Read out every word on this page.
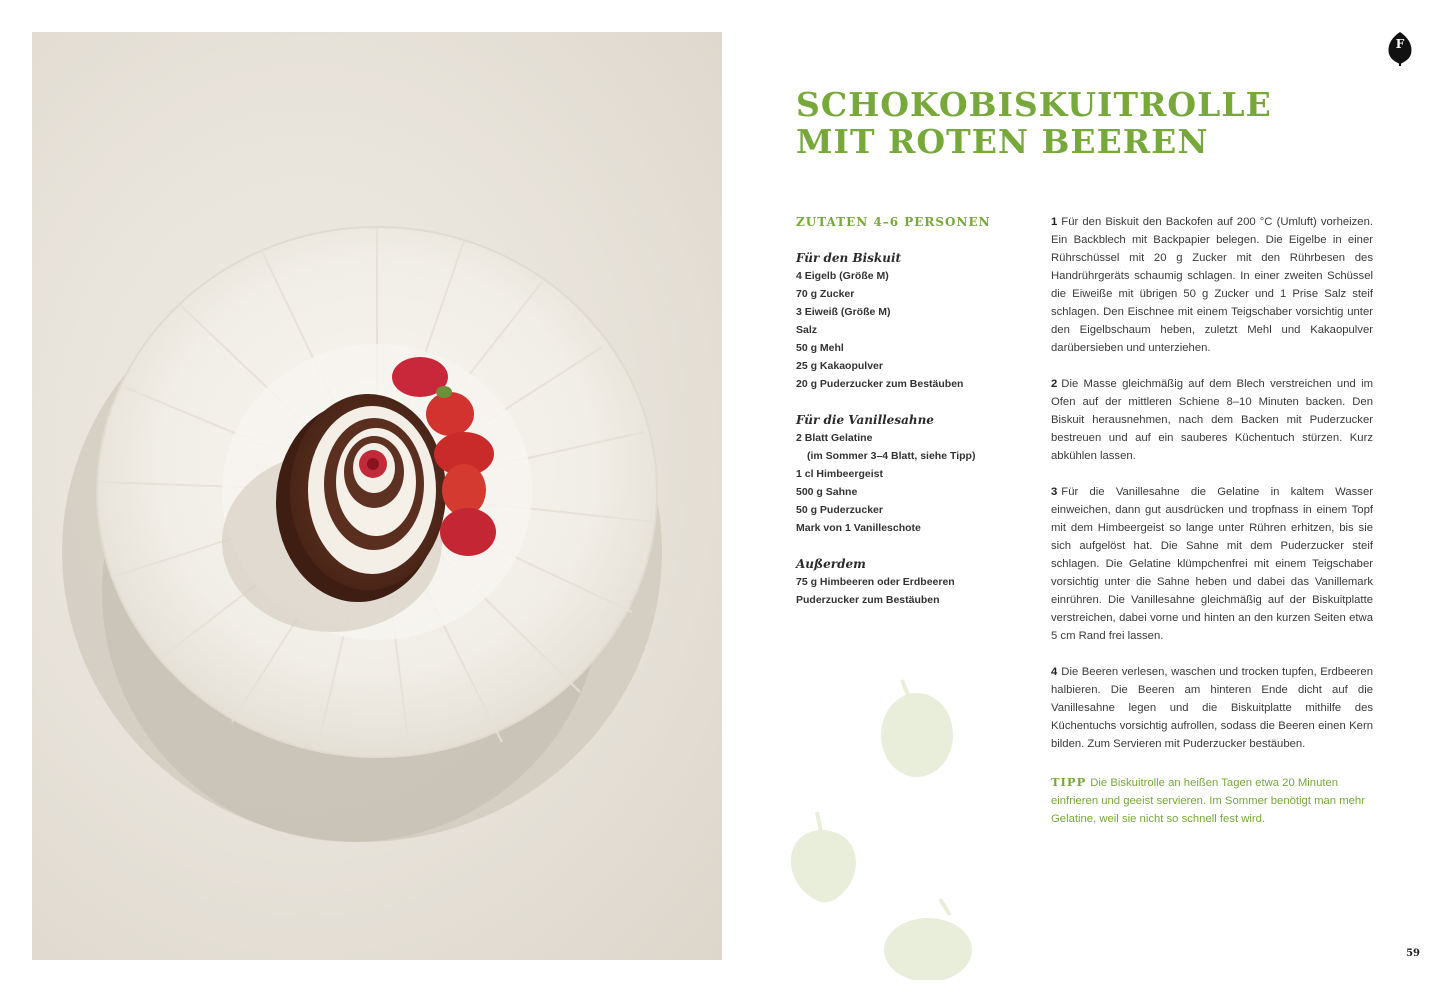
F
SCHOKOBISKUITROLLE
MIT ROTEN BEEREN
ZUTATEN 4–6 PERSONEN
Für den Biskuit
4 Eigelb (Größe M)
70 g Zucker
3 Eiweiß (Größe M)
Salz
50 g Mehl
25 g Kakaopulver
20 g Puderzucker zum Bestäuben
Für die Vanillesahne
2 Blatt Gelatine
(im Sommer 3–4 Blatt, siehe Tipp)
1 cl Himbeergeist
500 g Sahne
50 g Puderzucker
Mark von 1 Vanilleschote
Außerdem
75 g Himbeeren oder Erdbeeren
Puderzucker zum Bestäuben

1 Für den Biskuit den Backofen auf 200 °C (Umluft) vorheizen. Ein Backblech mit Backpapier belegen. Die Eigelbe in einer Rührschüssel mit 20 g Zucker mit den Rührbesen des Handrührgeräts schaumig schlagen. In einer zweiten Schüssel die Eiweiße mit übrigen 50 g Zucker und 1 Prise Salz steif schlagen. Den Eischnee mit einem Teigschaber vorsichtig unter den Eigelbschaum heben, zuletzt Mehl und Kakaopulver darübersieben und unterziehen.

2 Die Masse gleichmäßig auf dem Blech verstreichen und im Ofen auf der mittleren Schiene 8–10 Minuten backen. Den Biskuit herausnehmen, nach dem Backen mit Puderzucker bestreuen und auf ein sauberes Küchentuch stürzen. Kurz abkühlen lassen.

3 Für die Vanillesahne die Gelatine in kaltem Wasser einweichen, dann gut ausdrücken und tropfnass in einem Topf mit dem Himbeergeist so lange unter Rühren erhitzen, bis sie sich aufgelöst hat. Die Sahne mit dem Puderzucker steif schlagen. Die Gelatine klümpchenfrei mit einem Teigschaber vorsichtig unter die Sahne heben und dabei das Vanillemark einrühren. Die Vanillesahne gleichmäßig auf der Biskuitplatte verstreichen, dabei vorne und hinten an den kurzen Seiten etwa 5 cm Rand frei lassen.

4 Die Beeren verlesen, waschen und trocken tupfen, Erdbeeren halbieren. Die Beeren am hinteren Ende dicht auf die Vanillesahne legen und die Biskuitplatte mithilfe des Küchentuchs vorsichtig aufrollen, sodass die Beeren einen Kern bilden. Zum Servieren mit Puderzucker bestäuben.

TIPP Die Biskuitrolle an heißen Tagen etwa 20 Minuten einfrieren und geeist servieren. Im Sommer benötigt man mehr Gelatine, weil sie nicht so schnell fest wird.

59
